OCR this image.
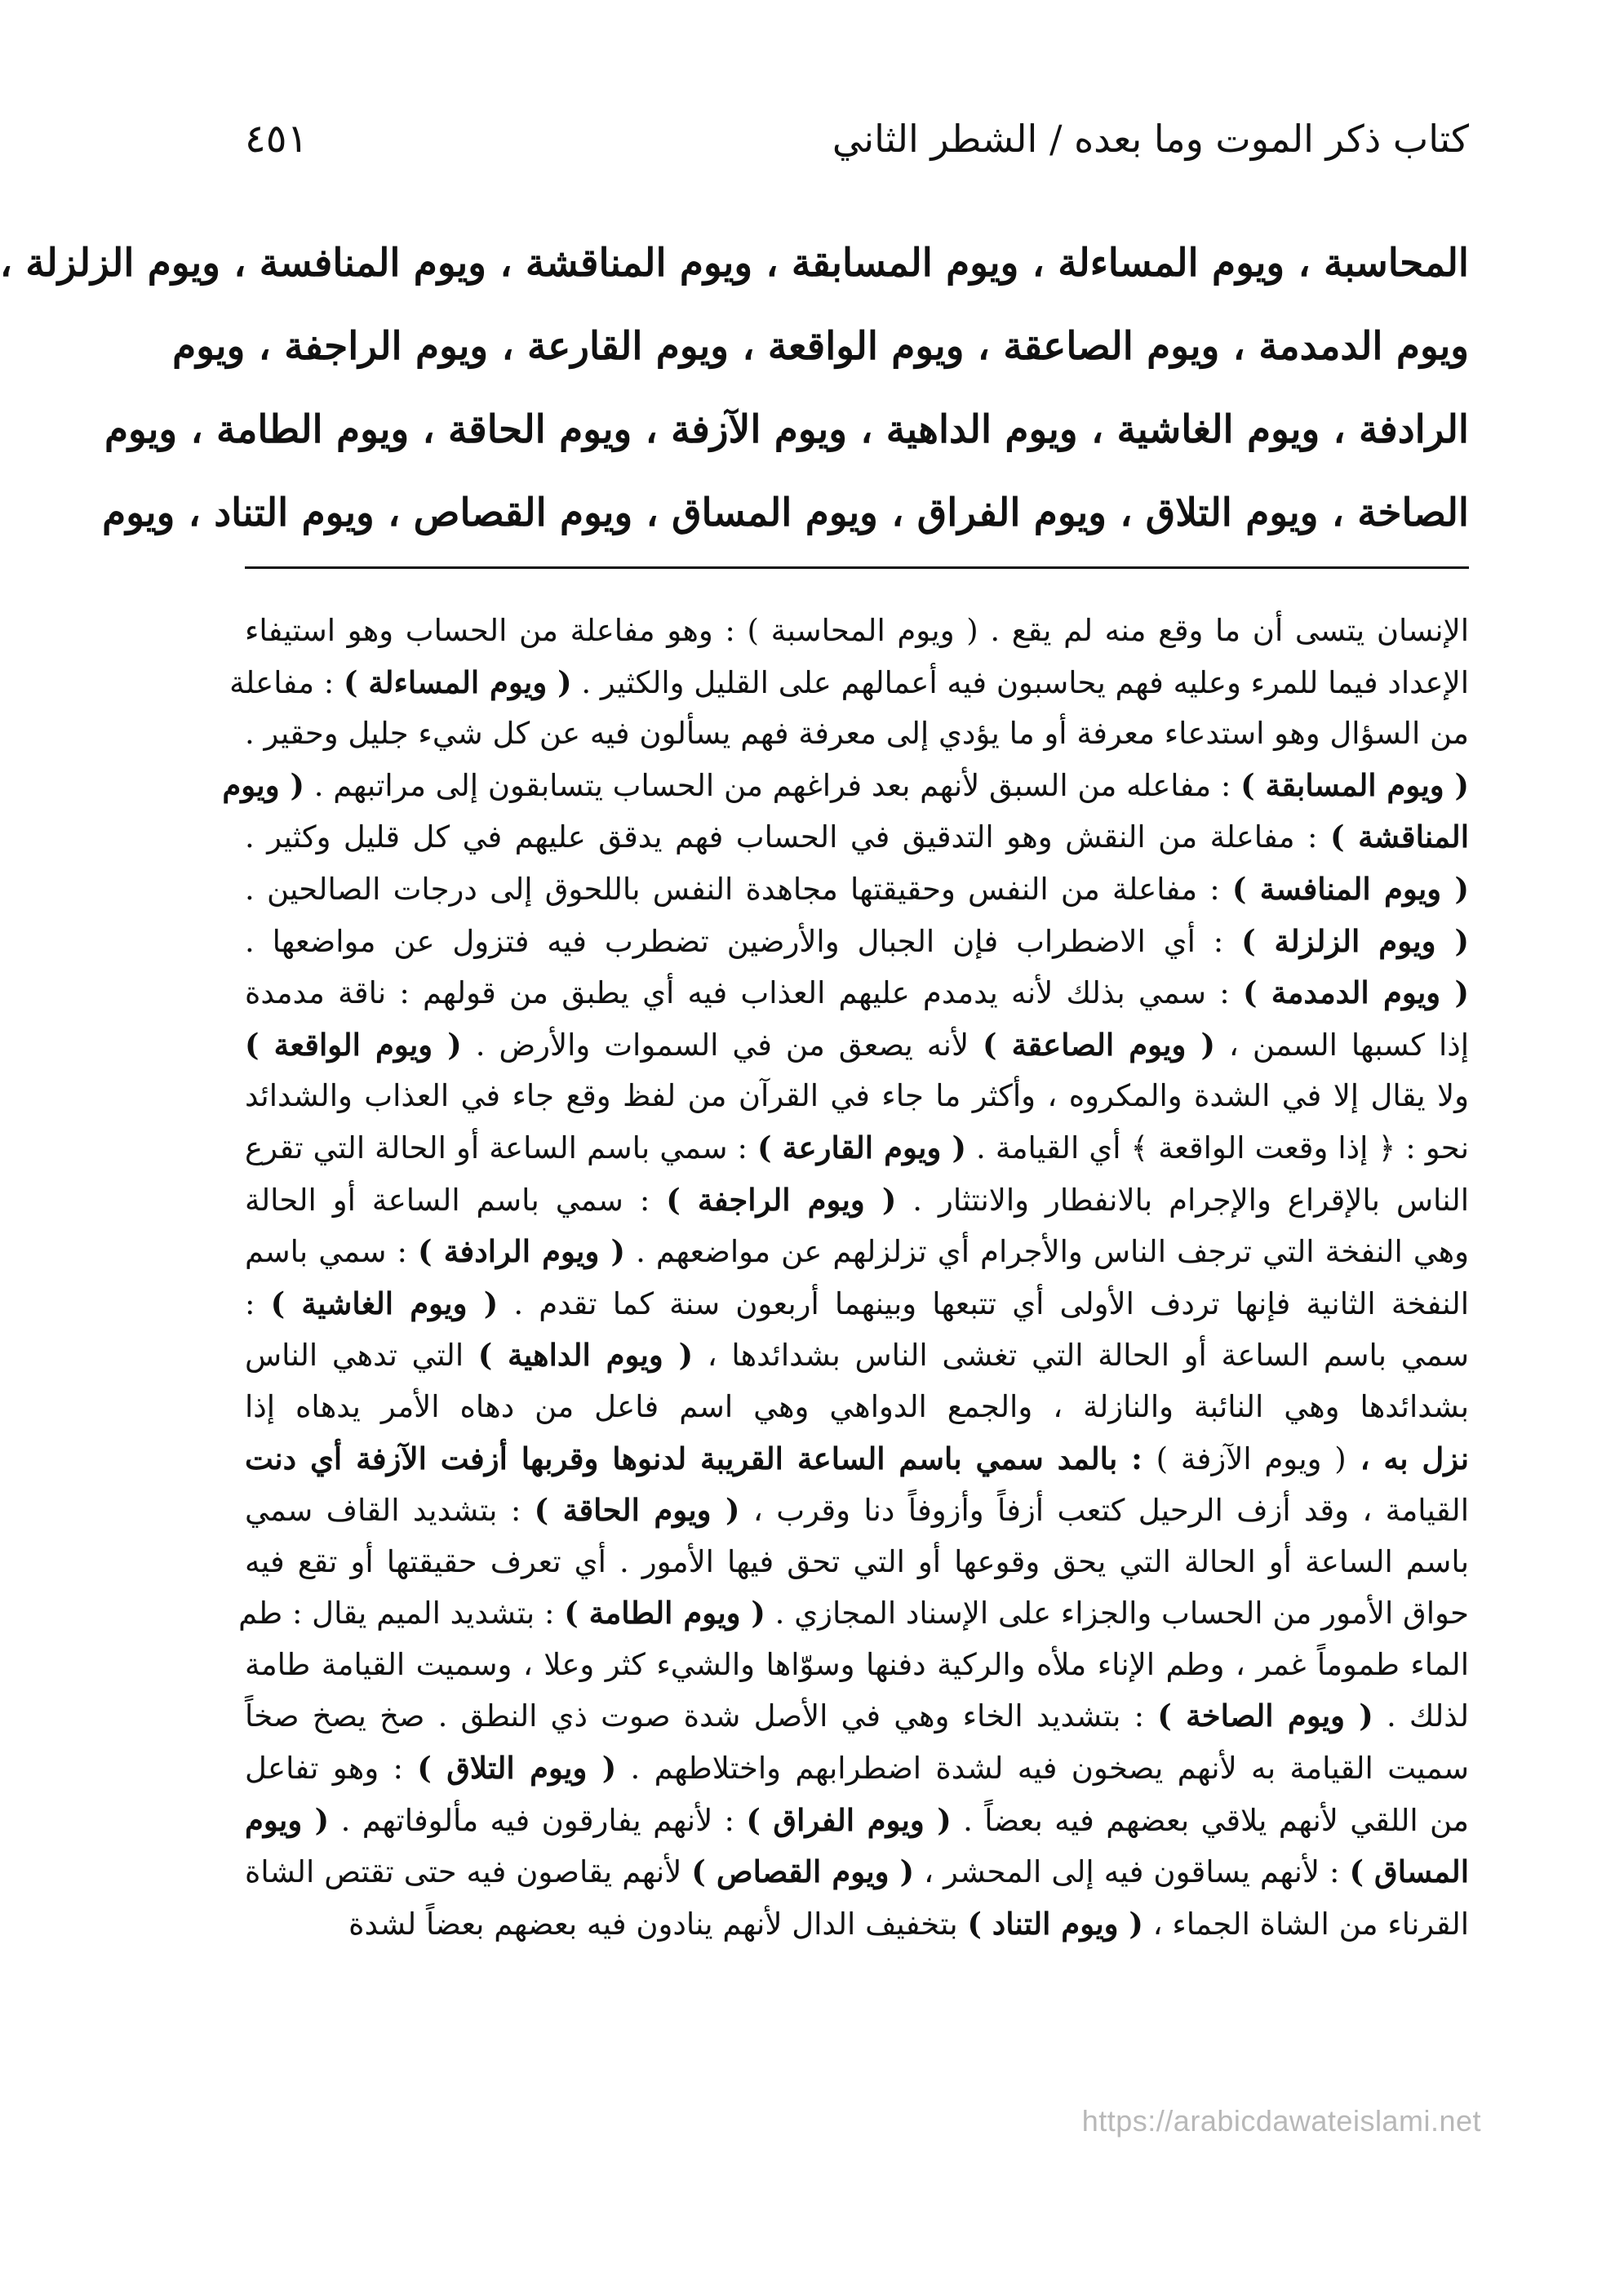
كتاب ذكر الموت وما بعده / الشطر الثاني
٤٥١
المحاسبة ، ويوم المساءلة ، ويوم المسابقة ، ويوم المناقشة ، ويوم المنافسة ، ويوم الزلزلة ،
ويوم الدمدمة ، ويوم الصاعقة ، ويوم الواقعة ، ويوم القارعة ، ويوم الراجفة ، ويوم
الرادفة ، ويوم الغاشية ، ويوم الداهية ، ويوم الآزفة ، ويوم الحاقة ، ويوم الطامة ، ويوم
الصاخة ، ويوم التلاق ، ويوم الفراق ، ويوم المساق ، ويوم القصاص ، ويوم التناد ، ويوم
الإنسان يتسى أن ما وقع منه لم يقع . ( ويوم المحاسبة ) : وهو مفاعلة من الحساب وهو استيفاء
الإعداد فيما للمرء وعليه فهم يحاسبون فيه أعمالهم على القليل والكثير . ( ويوم المساءلة ) : مفاعلة
من السؤال وهو استدعاء معرفة أو ما يؤدي إلى معرفة فهم يسألون فيه عن كل شيء جليل وحقير .
( ويوم المسابقة ) : مفاعله من السبق لأنهم بعد فراغهم من الحساب يتسابقون إلى مراتبهم . ( ويوم
المناقشة ) : مفاعلة من النقش وهو التدقيق في الحساب فهم يدقق عليهم في كل قليل وكثير .
( ويوم المنافسة ) : مفاعلة من النفس وحقيقتها مجاهدة النفس باللحوق إلى درجات الصالحين .
( ويوم الزلزلة ) : أي الاضطراب فإن الجبال والأرضين تضطرب فيه فتزول عن مواضعها .
( ويوم الدمدمة ) : سمي بذلك لأنه يدمدم عليهم العذاب فيه أي يطبق من قولهم : ناقة مدمدة
إذا كسبها السمن ، ( ويوم الصاعقة ) لأنه يصعق من في السموات والأرض . ( ويوم الواقعة )
ولا يقال إلا في الشدة والمكروه ، وأكثر ما جاء في القرآن من لفظ وقع جاء في العذاب والشدائد
نحو : ﴿ إذا وقعت الواقعة ﴾ أي القيامة . ( ويوم القارعة ) : سمي باسم الساعة أو الحالة التي تقرع
الناس بالإقراع والإجرام بالانفطار والانتثار . ( ويوم الراجفة ) : سمي باسم الساعة أو الحالة
وهي النفخة التي ترجف الناس والأجرام أي تزلزلهم عن مواضعهم . ( ويوم الرادفة ) : سمي باسم
النفخة الثانية فإنها تردف الأولى أي تتبعها وبينهما أربعون سنة كما تقدم . ( ويوم الغاشية ) :
سمي باسم الساعة أو الحالة التي تغشى الناس بشدائدها ، ( ويوم الداهية ) التي تدهي الناس
بشدائدها وهي النائبة والنازلة ، والجمع الدواهي وهي اسم فاعل من دهاه الأمر يدهاه إذا
نزل به ، ( ويوم الآزفة ) : بالمد سمي باسم الساعة القريبة لدنوها وقربها أزفت الآزفة أي دنت
القيامة ، وقد أزف الرحيل كتعب أزفاً وأزوفاً دنا وقرب ، ( ويوم الحاقة ) : بتشديد القاف سمي
باسم الساعة أو الحالة التي يحق وقوعها أو التي تحق فيها الأمور . أي تعرف حقيقتها أو تقع فيه
حواق الأمور من الحساب والجزاء على الإسناد المجازي . ( ويوم الطامة ) : بتشديد الميم يقال : طم
الماء طموماً غمر ، وطم الإناء ملأه والركية دفنها وسوّاها والشيء كثر وعلا ، وسميت القيامة طامة
لذلك . ( ويوم الصاخة ) : بتشديد الخاء وهي في الأصل شدة صوت ذي النطق . صخ يصخ صخاً
سميت القيامة به لأنهم يصخون فيه لشدة اضطرابهم واختلاطهم . ( ويوم التلاق ) : وهو تفاعل
من اللقي لأنهم يلاقي بعضهم فيه بعضاً . ( ويوم الفراق ) : لأنهم يفارقون فيه مألوفاتهم . ( ويوم
المساق ) : لأنهم يساقون فيه إلى المحشر ، ( ويوم القصاص ) لأنهم يقاصون فيه حتى تقتص الشاة
القرناء من الشاة الجماء ، ( ويوم التناد ) بتخفيف الدال لأنهم ينادون فيه بعضهم بعضاً لشدة
https://arabicdawateislami.net
